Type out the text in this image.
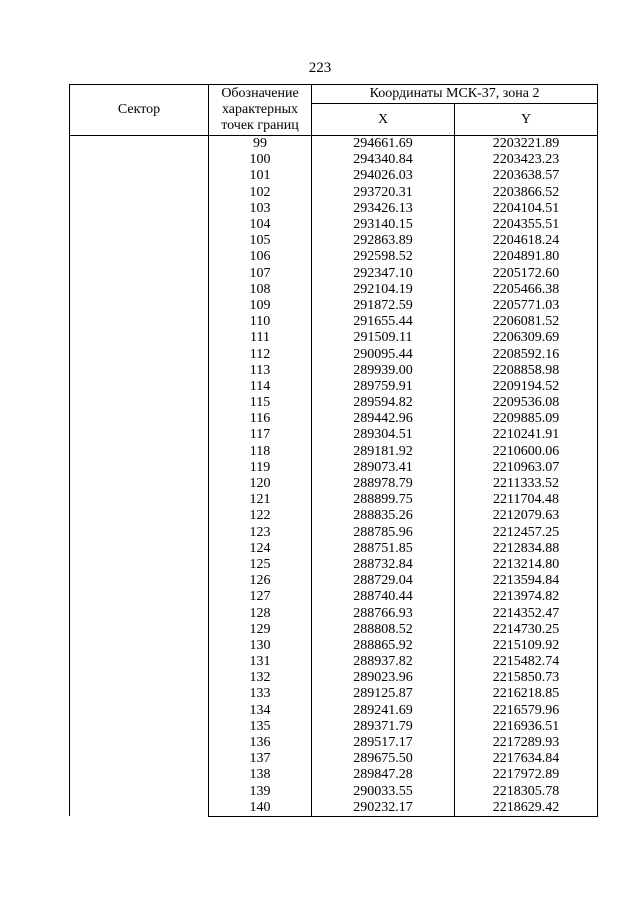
223
Сектор	Обозначение характерных точек границ	Координаты МСК-37, зона 2	
		X	Y
	99	294661.69	2203221.89
	100	294340.84	2203423.23
	101	294026.03	2203638.57
	102	293720.31	2203866.52
	103	293426.13	2204104.51
	104	293140.15	2204355.51
	105	292863.89	2204618.24
	106	292598.52	2204891.80
	107	292347.10	2205172.60
	108	292104.19	2205466.38
	109	291872.59	2205771.03
	110	291655.44	2206081.52
	111	291509.11	2206309.69
	112	290095.44	2208592.16
	113	289939.00	2208858.98
	114	289759.91	2209194.52
	115	289594.82	2209536.08
	116	289442.96	2209885.09
	117	289304.51	2210241.91
	118	289181.92	2210600.06
	119	289073.41	2210963.07
	120	288978.79	2211333.52
	121	288899.75	2211704.48
	122	288835.26	2212079.63
	123	288785.96	2212457.25
	124	288751.85	2212834.88
	125	288732.84	2213214.80
	126	288729.04	2213594.84
	127	288740.44	2213974.82
	128	288766.93	2214352.47
	129	288808.52	2214730.25
	130	288865.92	2215109.92
	131	288937.82	2215482.74
	132	289023.96	2215850.73
	133	289125.87	2216218.85
	134	289241.69	2216579.96
	135	289371.79	2216936.51
	136	289517.17	2217289.93
	137	289675.50	2217634.84
	138	289847.28	2217972.89
	139	290033.55	2218305.78
	140	290232.17	2218629.42
